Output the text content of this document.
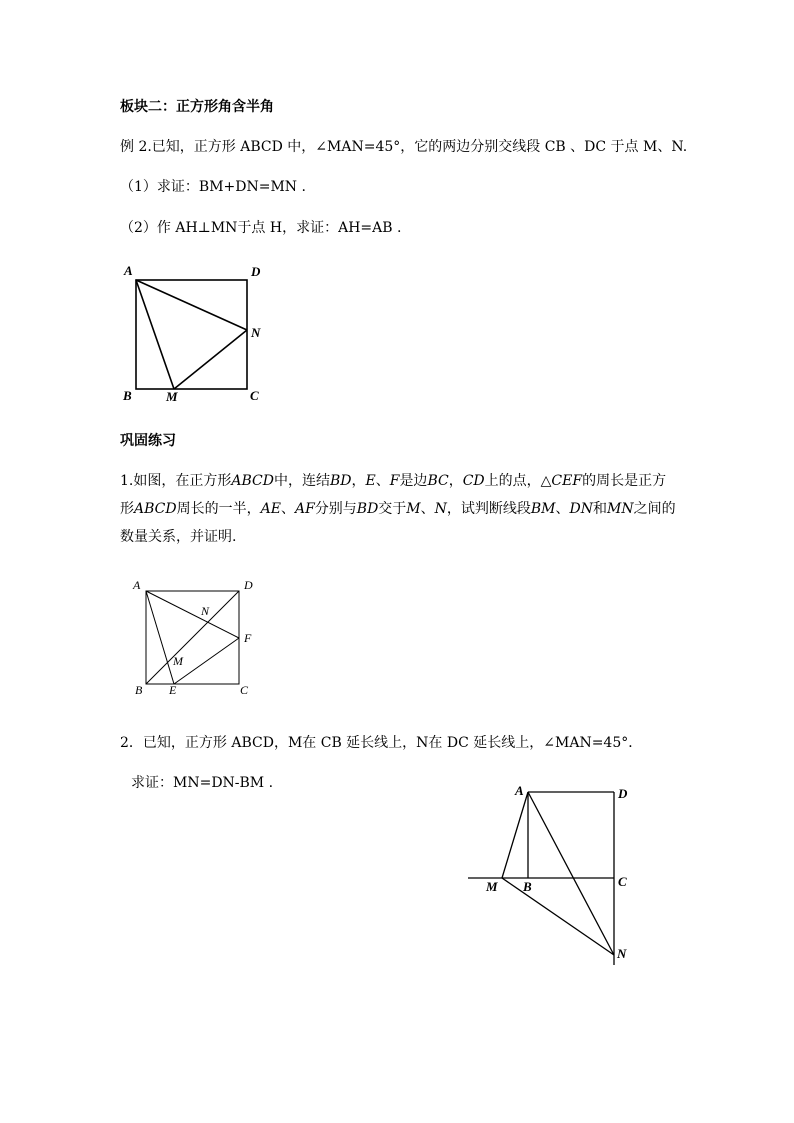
板块二：正方形角含半角
例 2.已知，正方形 ABCD 中，∠MAN=45°，它的两边分别交线段 CB 、DC 于点 M、N.
（1）求证：BM+DN=MN .
（2）作 AH⊥MN于点 H，求证：AH=AB .
A	D
N
B	M	C
巩固练习
1.如图，在正方形ABCD中，连结BD，E、F是边BC，CD上的点，△CEF的周长是正方
形ABCD周长的一半，AE、AF分别与BD交于M、N，试判断线段BM、DN和MN之间的
数量关系，并证明.
A	D
N
F
M
B E	C
2．已知，正方形 ABCD，M在 CB 延长线上，N在 DC 延长线上，∠MAN=45°．
求证：MN=DN-BM .	A	D
C
M B
N
